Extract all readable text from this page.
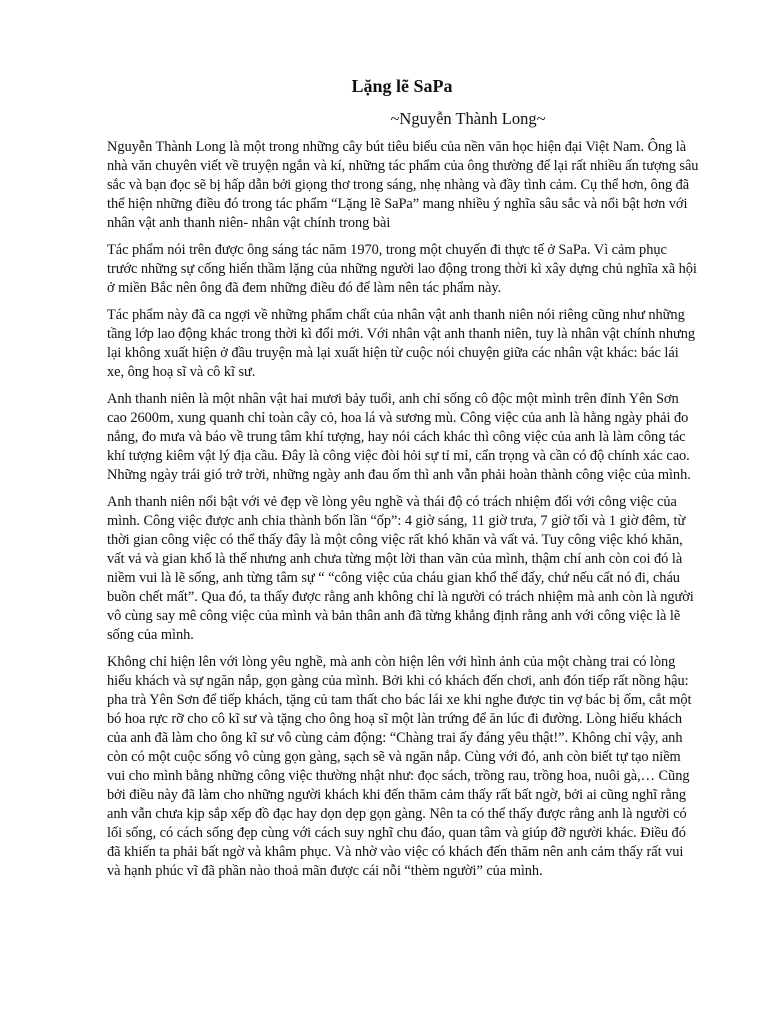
Lặng lẽ SaPa
~Nguyễn Thành Long~

Nguyễn Thành Long là một trong những cây bút tiêu biểu của nền văn học hiện đại Việt Nam. Ông là nhà văn chuyên viết về truyện ngắn và kí, những tác phẩm của ông thường để lại rất nhiều ấn tượng sâu sắc và bạn đọc sẽ bị hấp dẫn bởi giọng thơ trong sáng, nhẹ nhàng và đầy tình cảm. Cụ thể hơn, ông đã thể hiện những điều đó trong tác phẩm “Lặng lẽ SaPa” mang nhiều ý nghĩa sâu sắc và nổi bật hơn với nhân vật anh thanh niên- nhân vật chính trong bài

Tác phẩm nói trên được ông sáng tác năm 1970, trong một chuyến đi thực tế ở SaPa. Vì cảm phục trước những sự cống hiến thầm lặng của những người lao động trong thời kì xây dựng chủ nghĩa xã hội ở miền Bắc nên ông đã đem những điều đó để làm nên tác phẩm này.

Tác phẩm này đã ca ngợi về những phẩm chất của nhân vật anh thanh niên nói riêng cũng như những tầng lớp lao động khác trong thời kì đổi mới. Với nhân vật anh thanh niên, tuy là nhân vật chính nhưng lại không xuất hiện ở đầu truyện mà lại xuất hiện từ cuộc nói chuyện giữa các nhân vật khác: bác lái xe, ông hoạ sĩ và cô kĩ sư.

Anh thanh niên là một nhân vật hai mươi bảy tuổi, anh chỉ sống cô độc một mình trên đỉnh Yên Sơn cao 2600m, xung quanh chỉ toàn cây cỏ, hoa lá và sương mù. Công việc của anh là hằng ngày phải đo nắng, đo mưa và báo về trung tâm khí tượng, hay nói cách khác thì công việc của anh là làm công tác khí tượng kiêm vật lý địa cầu. Đây là công việc đòi hỏi sự tỉ mỉ, cẩn trọng và cần có độ chính xác cao. Những ngày trái gió trở trời, những ngày anh đau ốm thì anh vẫn phải hoàn thành công việc của mình.

Anh thanh niên nổi bật với vẻ đẹp về lòng yêu nghề và thái độ có trách nhiệm đối với công việc của mình. Công việc được anh chia thành bốn lần “ốp”: 4 giờ sáng, 11 giờ trưa, 7 giờ tối và 1 giờ đêm, từ thời gian công việc có thể thấy đây là một công việc rất khó khăn và vất vả. Tuy công việc khó khăn, vất vả và gian khổ là thế nhưng anh chưa từng một lời than vãn của mình, thậm chí anh còn coi đó là niềm vui là lẽ sống, anh từng tâm sự “ “công việc của cháu gian khổ thế đấy, chứ nếu cất nó đi, cháu buồn chết mất”. Qua đó, ta thấy được rằng anh không chỉ là người có trách nhiệm mà anh còn là người vô cùng say mê công việc của mình và bản thân anh đã từng khẳng định rằng anh với công việc là lẽ sống của mình.

Không chỉ hiện lên với lòng yêu nghề, mà anh còn hiện lên với hình ảnh của một chàng trai có lòng hiếu khách và sự ngăn nắp, gọn gàng của mình. Bởi khi có khách đến chơi, anh đón tiếp rất nồng hậu: pha trà Yên Sơn để tiếp khách, tặng củ tam thất cho bác lái xe khi nghe được tin vợ bác bị ốm, cắt một bó hoa rực rỡ cho cô kĩ sư và tặng cho ông hoạ sĩ một làn trứng để ăn lúc đi đường. Lòng hiếu khách của anh đã làm cho ông kĩ sư vô cùng cảm động: “Chàng trai ấy đáng yêu thật!”. Không chỉ vậy, anh còn có một cuộc sống vô cùng gọn gàng, sạch sẽ và ngăn nắp. Cùng với đó, anh còn biết tự tạo niềm vui cho mình bằng những công việc thường nhật như: đọc sách, trồng rau, trồng hoa, nuôi gà,… Cũng bởi điều này đã làm cho những người khách khi đến thăm cảm thấy rất bất ngờ, bởi ai cũng nghĩ rằng anh vẫn chưa kịp sắp xếp đồ đạc hay dọn dẹp gọn gàng. Nên ta có thể thấy được rằng anh là người có lối sống, có cách sống đẹp cùng với cách suy nghĩ chu đáo, quan tâm và giúp đỡ người khác. Điều đó đã khiến ta phải bất ngờ và khâm phục. Và nhờ vào việc có khách đến thăm nên anh cảm thấy rất vui và hạnh phúc vĩ đã phần nào thoả mãn được cái nỗi “thèm người” của mình.
